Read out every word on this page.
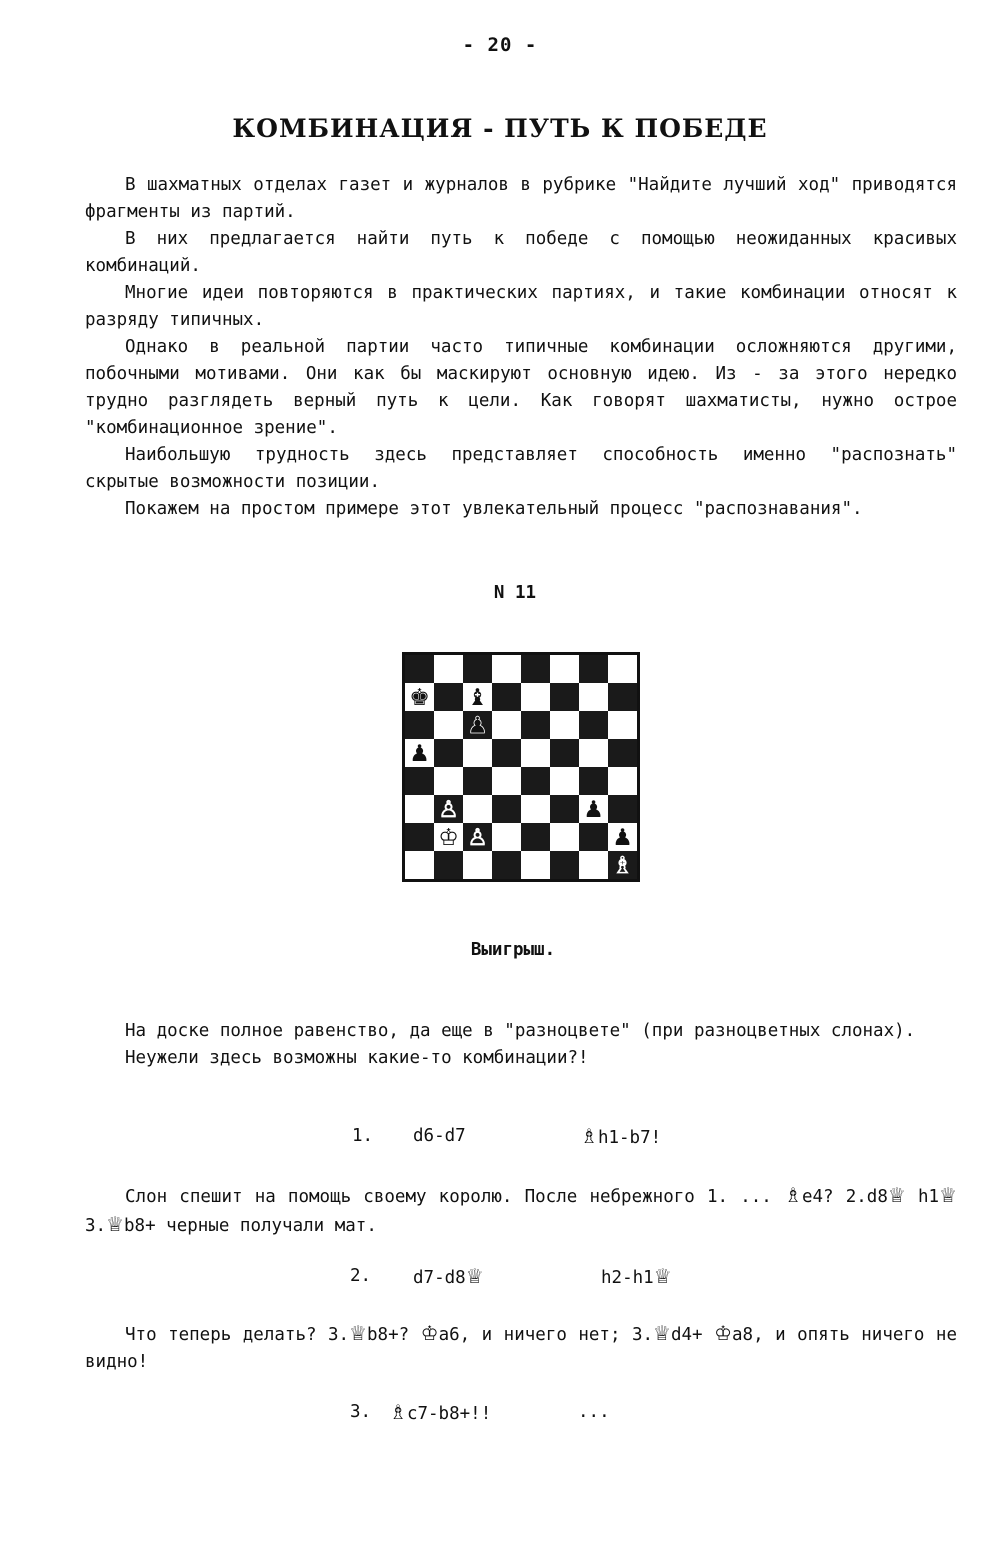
- 20 -
КОМБИНАЦИЯ - ПУТЬ К ПОБЕДЕ

В шахматных отделах газет и журналов в рубрике "Найдите лучший ход" приводятся фрагменты из партий.

В них предлагается найти путь к победе с помощью неожиданных красивых комбинаций.

Многие идеи повторяются в практических партиях, и такие комбинации относят к разряду типичных.

Однако в реальной партии часто типичные комбинации осложняются другими, побочными мотивами. Они как бы маскируют основную идею. Из - за этого нередко трудно разглядеть верный путь к цели. Как говорят шахматисты, нужно острое "комбинационное зрение".

Наибольшую трудность здесь представляет способность именно "распознать" скрытые возможности позиции.

Покажем на простом примере этот увлекательный процесс "распознавания".

N 11
♚ ♝
♟
♟
♙	♟
♔ ♙	♟
♗
Выигрыш.

На доске полное равенство, да еще в "разноцвете" (при разноцветных слонах).

Неужели здесь возможны какие-то комбинации?!

1. d6-d7	♗h1-b7!

Слон спешит на помощь своему королю. После небрежного 1. ... ♗e4? 2.d8♕ h1♕ 3.♕b8+ черные получали мат.

2. d7-d8♕	h2-h1♕

Что теперь делать? 3.♕b8+? ♔a6, и ничего нет; 3.♕d4+ ♔a8, и опять ничего не видно!

3. ♗c7-b8+!!	...
